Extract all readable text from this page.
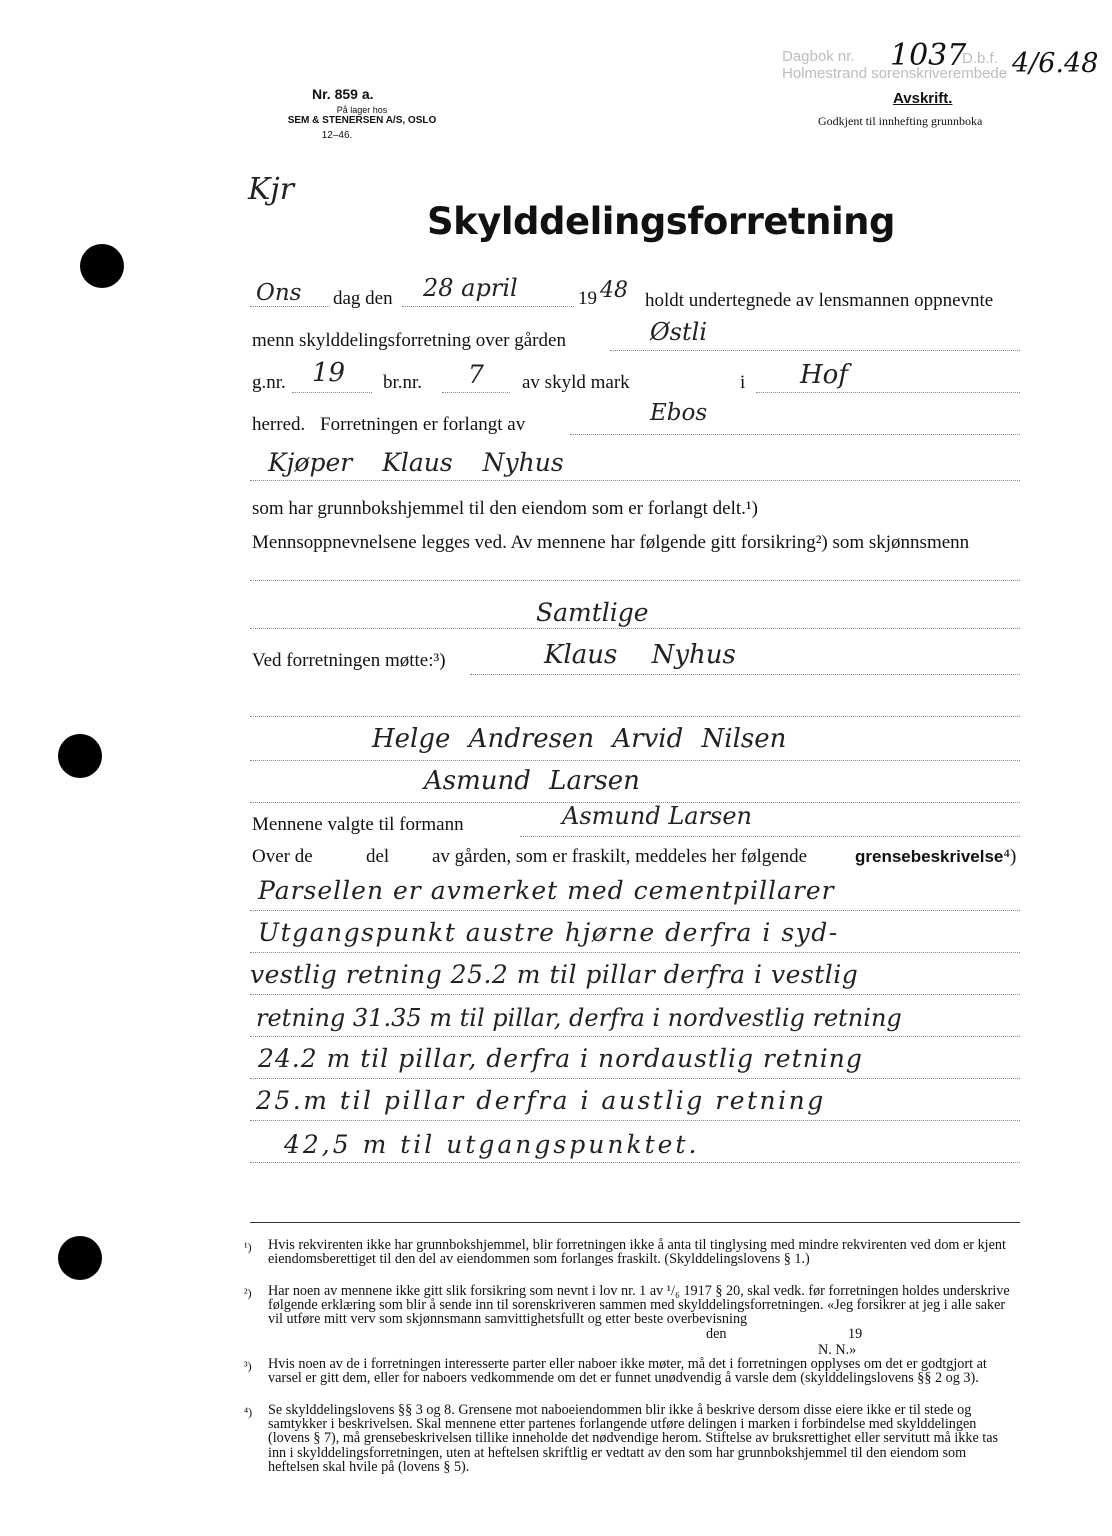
Dagbok nr.
Holmestrand sorenskriverembede
1037
D.b.f. 4/6.48
Nr. 859 a.
På lager hos
SEM & STENERSEN A/S, OSLO
12–46.
Avskrift.
Godkjent til innhefting grunnboka
Kjr
Skylddelingsforretning
Ons dag den 28 april	19 48 holdt undertegnede av lensmannen oppnevnte
menn skylddelingsforretning over gården	Østli
g.nr. 19 br.nr. 7 av skyld mark	i Hof
herred. Forretningen er forlangt av	Ebos
Kjøper Klaus Nyhus
som har grunnbokshjemmel til den eiendom som er forlangt delt.¹)
Mennsoppnevnelsene legges ved. Av mennene har følgende gitt forsikring²) som skjønnsmenn
Samtlige
Ved forretningen møtte:³)	Klaus Nyhus
Helge Andresen Arvid Nilsen
Asmund Larsen
Mennene valgte til formann	Asmund Larsen
Over de	del av gården, som er fraskilt, meddeles her følgende	grensebeskrivelse⁴)
Parsellen er avmerket med cementpillarer
Utgangspunkt austre hjørne derfra i syd-
vestlig retning 25.2 m til pillar derfra i vestlig
retning 31.35 m til pillar, derfra i nordvestlig retning
24.2 m til pillar, derfra i nordaustlig retning
25.m til pillar derfra i austlig retning
42,5 m til utgangspunktet.
¹) Hvis rekvirenten ikke har grunnbokshjemmel, blir forretningen ikke å anta til tinglysing med mindre rekvirenten ved dom er kjent eiendomsberettiget til den del av eiendommen som forlanges fraskilt. (Skylddelingslovens § 1.)
²) Har noen av mennene ikke gitt slik forsikring som nevnt i lov nr. 1 av ¹/₆ 1917 § 20, skal vedk. før forretningen holdes underskrive følgende erklæring som blir å sende inn til sorenskriveren sammen med skylddelingsforretningen. «Jeg forsikrer at jeg i alle saker vil utføre mitt verv som skjønnsmann samvittighetsfullt og etter beste overbevisning
den	19
N. N.»
³) Hvis noen av de i forretningen interesserte parter eller naboer ikke møter, må det i forretningen opplyses om det er godtgjort at varsel er gitt dem, eller for naboers vedkommende om det er funnet unødvendig å varsle dem (skylddelingslovens §§ 2 og 3).
⁴) Se skylddelingslovens §§ 3 og 8. Grensene mot naboeiendommen blir ikke å beskrive dersom disse eiere ikke er til stede og samtykker i beskrivelsen. Skal mennene etter partenes forlangende utføre delingen i marken i forbindelse med skylddelingen (lovens § 7), må grensebeskrivelsen tillike inneholde det nødvendige herom. Stiftelse av bruksrettighet eller servitutt må ikke tas inn i skylddelingsforretningen, uten at heftelsen skriftlig er vedtatt av den som har grunnbokshjemmel til den eiendom som heftelsen skal hvile på (lovens § 5).
